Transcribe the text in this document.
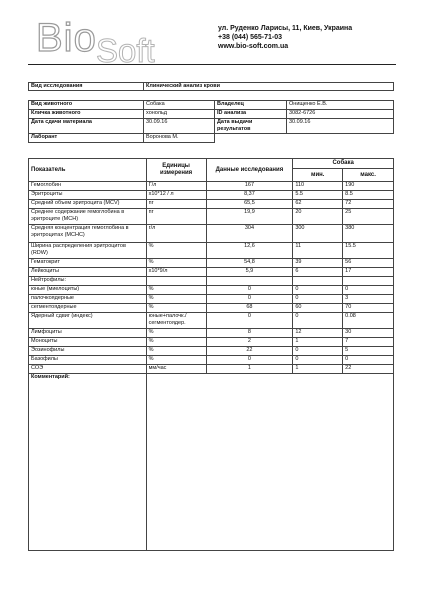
Bio Soft
ул. Руденко Ларисы, 11, Киев, Украина
+38 (044) 565-71-03
www.bio-soft.com.ua
Вид исследования	Клинический анализ крови
Вид животного	Собака	Владелец	Онищенко Е.В.
Кличка животного	хонольд	ID анализа	3082-6726
Дата сдачи материала	30.09.16	Дата выдачи результатов	30.09.16
Лаборант	Воронова М.		
Показатель	Единицы измерения	Данные исследования	Собака	
			мин.	макс.
Гемоглобин	Г/л	167	110	190
Эритроциты	х10*12 / л	8,37	5.5	8.5
Средний объем эритроцита (MCV)	пг	65,5	62	72
Среднее содержание гемоглобина в эритроците (MCH)	пг	19,9	20	25
Средняя концентрация гемоглобина в эритроцитах (MCHC)	г/л	304	300	380
Ширина распределения эритроцитов (RDW)	%	12,6	11	15.5
Гематокрит	%	54,8	39	56
Лейкоциты	x10*9/л	5,9	6	17
Нейтрофилы:				
юные (миелоциты)	%	0	0	0
палочкоядерные	%	0	0	3
сегментоядерные	%	68	60	70
Ядерный сдвиг (индекс)	юные+палочк./ сегментоядер.	0	0	0.08
Лимфоциты	%	8	12	30
Моноциты	%	2	1	7
Эозинофилы	%	22	0	5
Базофилы	%	0	0	0
СОЭ	мм/час	1	1	22
Комментарий:				
